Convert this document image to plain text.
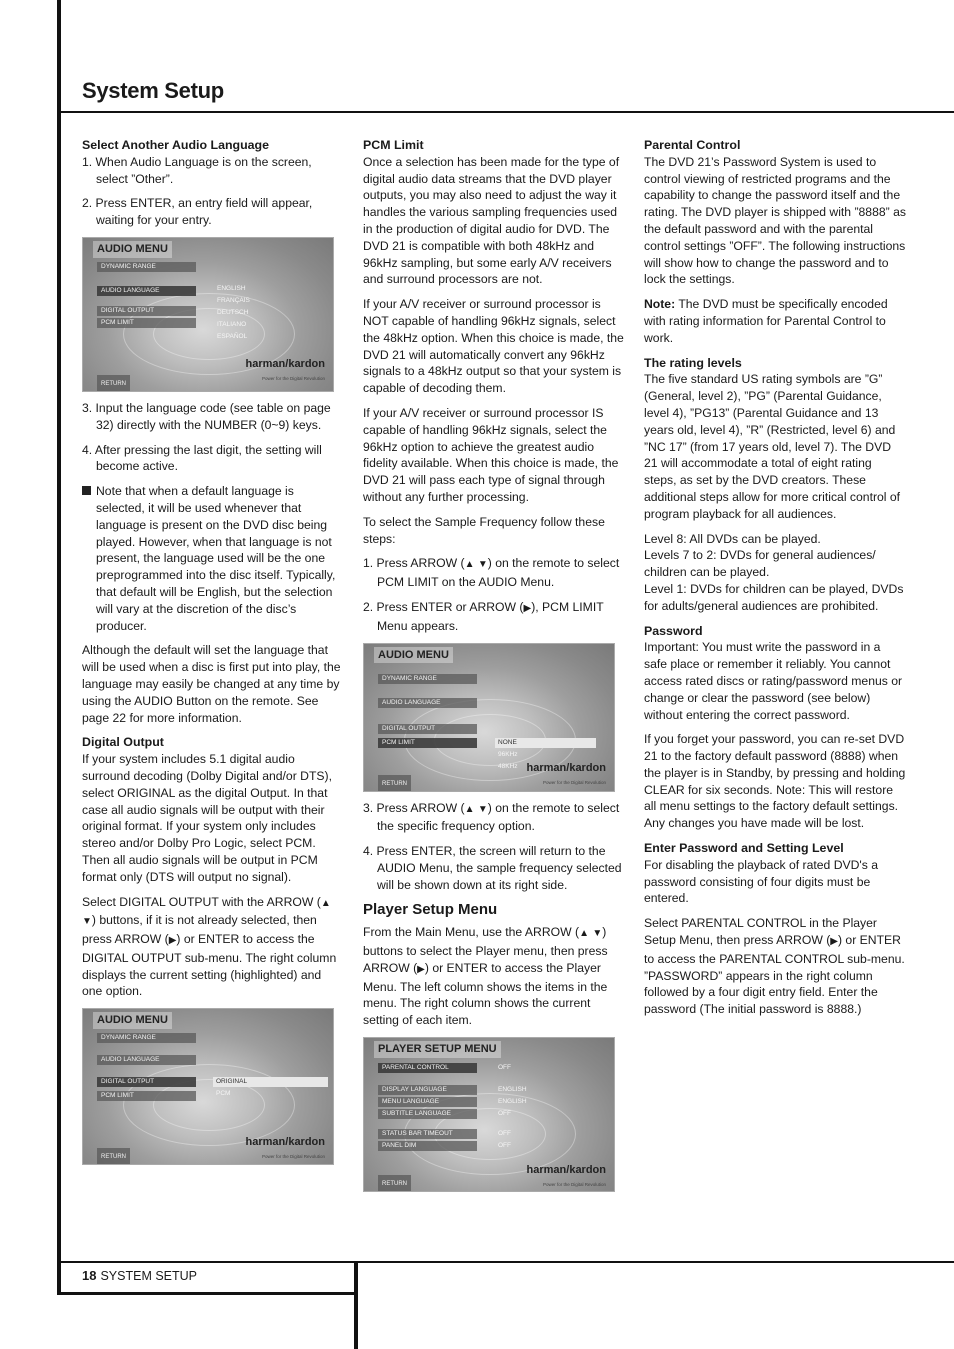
System Setup
Select Another Audio Language

1. When Audio Language is on the screen, select ”Other”.

2. Press ENTER, an entry field will appear, waiting for your entry.

AUDIO MENU
DYNAMIC RANGE
AUDIO LANGUAGE
DIGITAL OUTPUT
PCM LIMIT
ENGLISH
FRANÇAIS
DEUTSCH
ITALIANO
ESPAÑOL
RETURN
harman/kardon
Power for the Digital Revolution

3. Input the language code (see table on page 32) directly with the NUMBER (0~9) keys.

4. After pressing the last digit, the setting will become active.

Note that when a default language is selected, it will be used whenever that language is present on the DVD disc being played. However, when that language is not present, the language used will be the one preprogrammed into the disc itself. Typically, that default will be English, but the selection will vary at the discretion of the disc’s producer.

Although the default will set the language that will be used when a disc is first put into play, the language may easily be changed at any time by using the AUDIO Button on the remote. See page 22 for more information.

Digital Output

If your system includes 5.1 digital audio surround decoding (Dolby Digital and/or DTS), select ORIGINAL as the digital Output. In that case all audio signals will be output with their original format. If your system only includes stereo and/or Dolby Pro Logic, select PCM. Then all audio signals will be output in PCM format only (DTS will output no signal).

Select DIGITAL OUTPUT with the ARROW (▲ ▼) buttons, if it is not already selected, then press ARROW (▶) or ENTER to access the DIGITAL OUTPUT sub-menu. The right column displays the current setting (highlighted) and one option.

AUDIO MENU
DYNAMIC RANGE
AUDIO LANGUAGE
DIGITAL OUTPUT
PCM LIMIT
ORIGINAL
PCM
RETURN
harman/kardon
Power for the Digital Revolution
PCM Limit

Once a selection has been made for the type of digital audio data streams that the DVD player outputs, you may also need to adjust the way it handles the various sampling frequencies used in the production of digital audio for DVD. The DVD 21 is compatible with both 48kHz and 96kHz sampling, but some early A/V receivers and surround processors are not.

If your A/V receiver or surround processor is NOT capable of handling 96kHz signals, select the 48kHz option. When this choice is made, the DVD 21 will automatically convert any 96kHz signals to a 48kHz output so that your system is capable of decoding them.

If your A/V receiver or surround processor IS capable of handling 96kHz signals, select the 96kHz option to achieve the greatest audio fidelity available. When this choice is made, the DVD 21 will pass each type of signal through without any further processing.

To select the Sample Frequency follow these steps:

1. Press ARROW (▲ ▼) on the remote to select PCM LIMIT on the AUDIO Menu.

2. Press ENTER or ARROW (▶), PCM LIMIT Menu appears.

AUDIO MENU
DYNAMIC RANGE
AUDIO LANGUAGE
DIGITAL OUTPUT
PCM LIMIT	NONE
96KHz
48KHz
RETURN
harman/kardon
Power for the Digital Revolution

3. Press ARROW (▲ ▼) on the remote to select the specific frequency option.

4. Press ENTER, the screen will return to the AUDIO Menu, the sample frequency selected will be shown down at its right side.

Player Setup Menu

From the Main Menu, use the ARROW (▲ ▼) buttons to select the Player menu, then press ARROW (▶) or ENTER to access the Player Menu. The left column shows the items in the menu. The right column shows the current setting of each item.

PLAYER SETUP MENU
PARENTAL CONTROL
DISPLAY LANGUAGE
MENU LANGUAGE
SUBTITLE LANGUAGE
STATUS BAR TIMEOUT
PANEL DIM
OFF
ENGLISH
ENGLISH
OFF
OFF
OFF
RETURN
harman/kardon
Power for the Digital Revolution
Parental Control

The DVD 21’s Password System is used to control viewing of restricted programs and the capability to change the password itself and the rating. The DVD player is shipped with ”8888” as the default password and with the parental control settings ”OFF”. The following instructions will show how to change the password and to lock the settings.

Note: The DVD must be specifically encoded with rating information for Parental Control to work.

The rating levels

The five standard US rating symbols are ”G” (General, level 2), ”PG” (Parental Guidance, level 4), ”PG13” (Parental Guidance and 13 years old, level 4), ”R” (Restricted, level 6) and ”NC 17” (from 17 years old, level 7). The DVD 21 will accommodate a total of eight rating steps, as set by the DVD creators. These additional steps allow for more critical control of program playback for all audiences.

Level 8: All DVDs can be played.

Levels 7 to 2: DVDs for general audiences/ children can be played.

Level 1: DVDs for children can be played, DVDs for adults/general audiences are prohibited.

Password

Important: You must write the password in a safe place or remember it reliably. You cannot access rated discs or rating/password menus or change or clear the password (see below) without entering the correct password.

If you forget your password, you can re-set DVD 21 to the factory default password (8888) when the player is in Standby, by pressing and holding CLEAR for six seconds. Note: This will restore all menu settings to the factory default settings. Any changes you have made will be lost.

Enter Password and Setting Level

For disabling the playback of rated DVD's a password consisting of four digits must be entered.

Select PARENTAL CONTROL in the Player Setup Menu, then press ARROW (▶) or ENTER to access the PARENTAL CONTROL sub-menu. ”PASSWORD” appears in the right column followed by a four digit entry field. Enter the password (The initial password is 8888.)

18 SYSTEM SETUP
